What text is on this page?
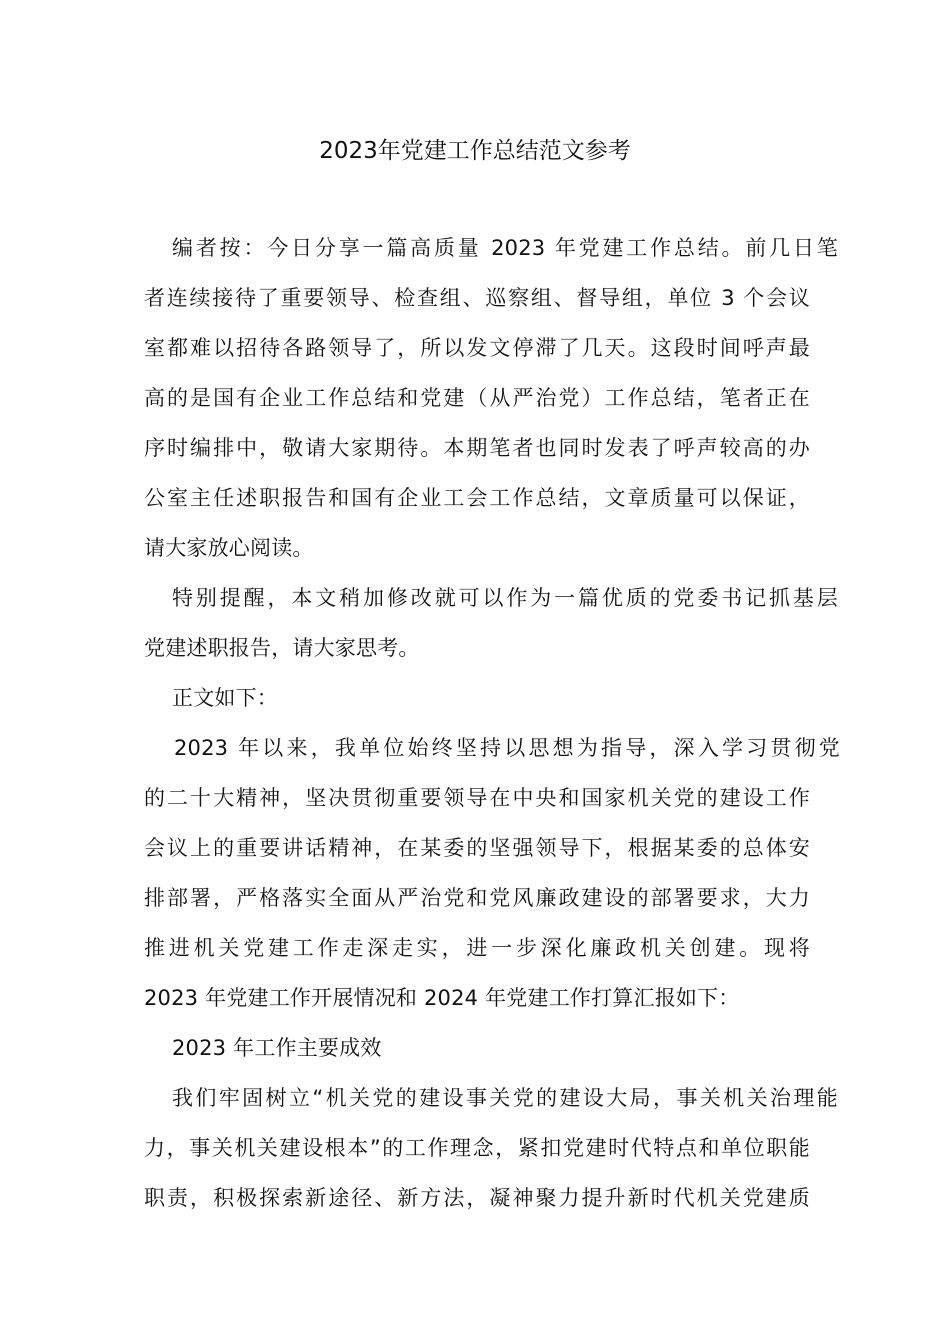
2023年党建工作总结范文参考

编者按：今日分享一篇高质量 2023 年党建工作总结。前几日笔

者连续接待了重要领导、检查组、巡察组、督导组，单位 3 个会议

室都难以招待各路领导了，所以发文停滞了几天。这段时间呼声最

高的是国有企业工作总结和党建（从严治党）工作总结，笔者正在

序时编排中，敬请大家期待。本期笔者也同时发表了呼声较高的办

公室主任述职报告和国有企业工会工作总结，文章质量可以保证，

请大家放心阅读。

特别提醒，本文稍加修改就可以作为一篇优质的党委书记抓基层

党建述职报告，请大家思考。

正文如下：

2023 年以来，我单位始终坚持以思想为指导，深入学习贯彻党

的二十大精神，坚决贯彻重要领导在中央和国家机关党的建设工作

会议上的重要讲话精神，在某委的坚强领导下，根据某委的总体安

排部署，严格落实全面从严治党和党风廉政建设的部署要求，大力

推进机关党建工作走深走实，进一步深化廉政机关创建。现将

2023 年党建工作开展情况和 2024 年党建工作打算汇报如下：

2023 年工作主要成效

我们牢固树立“机关党的建设事关党的建设大局，事关机关治理能

力，事关机关建设根本”的工作理念，紧扣党建时代特点和单位职能

职责，积极探索新途径、新方法，凝神聚力提升新时代机关党建质
